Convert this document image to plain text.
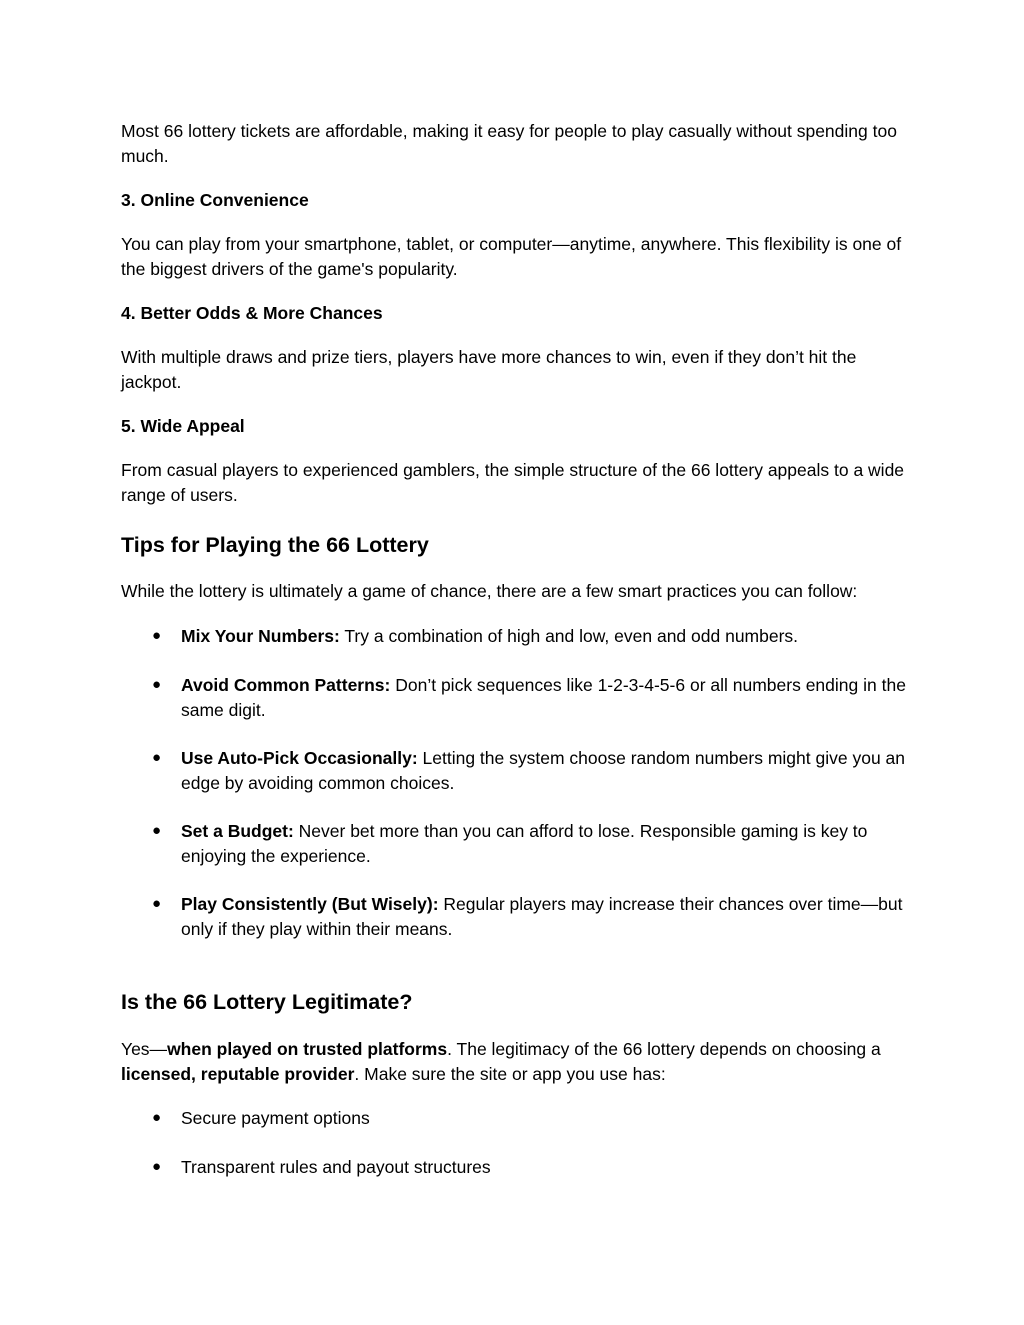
Most 66 lottery tickets are affordable, making it easy for people to play casually without spending too much.
3. Online Convenience
You can play from your smartphone, tablet, or computer—anytime, anywhere. This flexibility is one of the biggest drivers of the game's popularity.
4. Better Odds & More Chances
With multiple draws and prize tiers, players have more chances to win, even if they don’t hit the jackpot.
5. Wide Appeal
From casual players to experienced gamblers, the simple structure of the 66 lottery appeals to a wide range of users.
Tips for Playing the 66 Lottery
While the lottery is ultimately a game of chance, there are a few smart practices you can follow:
●	Mix Your Numbers: Try a combination of high and low, even and odd numbers.
●	Avoid Common Patterns: Don’t pick sequences like 1-2-3-4-5-6 or all numbers ending in the same digit.
●	Use Auto-Pick Occasionally: Letting the system choose random numbers might give you an edge by avoiding common choices.
●	Set a Budget: Never bet more than you can afford to lose. Responsible gaming is key to enjoying the experience.
●	Play Consistently (But Wisely): Regular players may increase their chances over time—but only if they play within their means.
Is the 66 Lottery Legitimate?
Yes—when played on trusted platforms. The legitimacy of the 66 lottery depends on choosing a licensed, reputable provider. Make sure the site or app you use has:
●	Secure payment options
●	Transparent rules and payout structures
